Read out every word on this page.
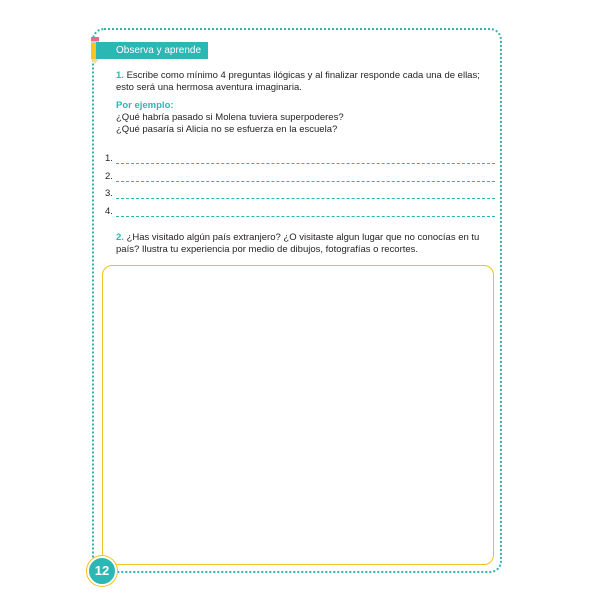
Observa y aprende
1. Escribe como mínimo 4 preguntas ilógicas y al finalizar responde cada una de ellas; esto será una hermosa aventura imaginaria.
Por ejemplo:
¿Qué habría pasado si Molena tuviera superpoderes?
¿Qué pasaría si Alicia no se esfuerza en la escuela?
1.
2.
3.
4.
2. ¿Has visitado algún país extranjero? ¿O visitaste algun lugar que no conocías en tu país? Ilustra tu experiencia por medio de dibujos, fotografías o recortes.
12
